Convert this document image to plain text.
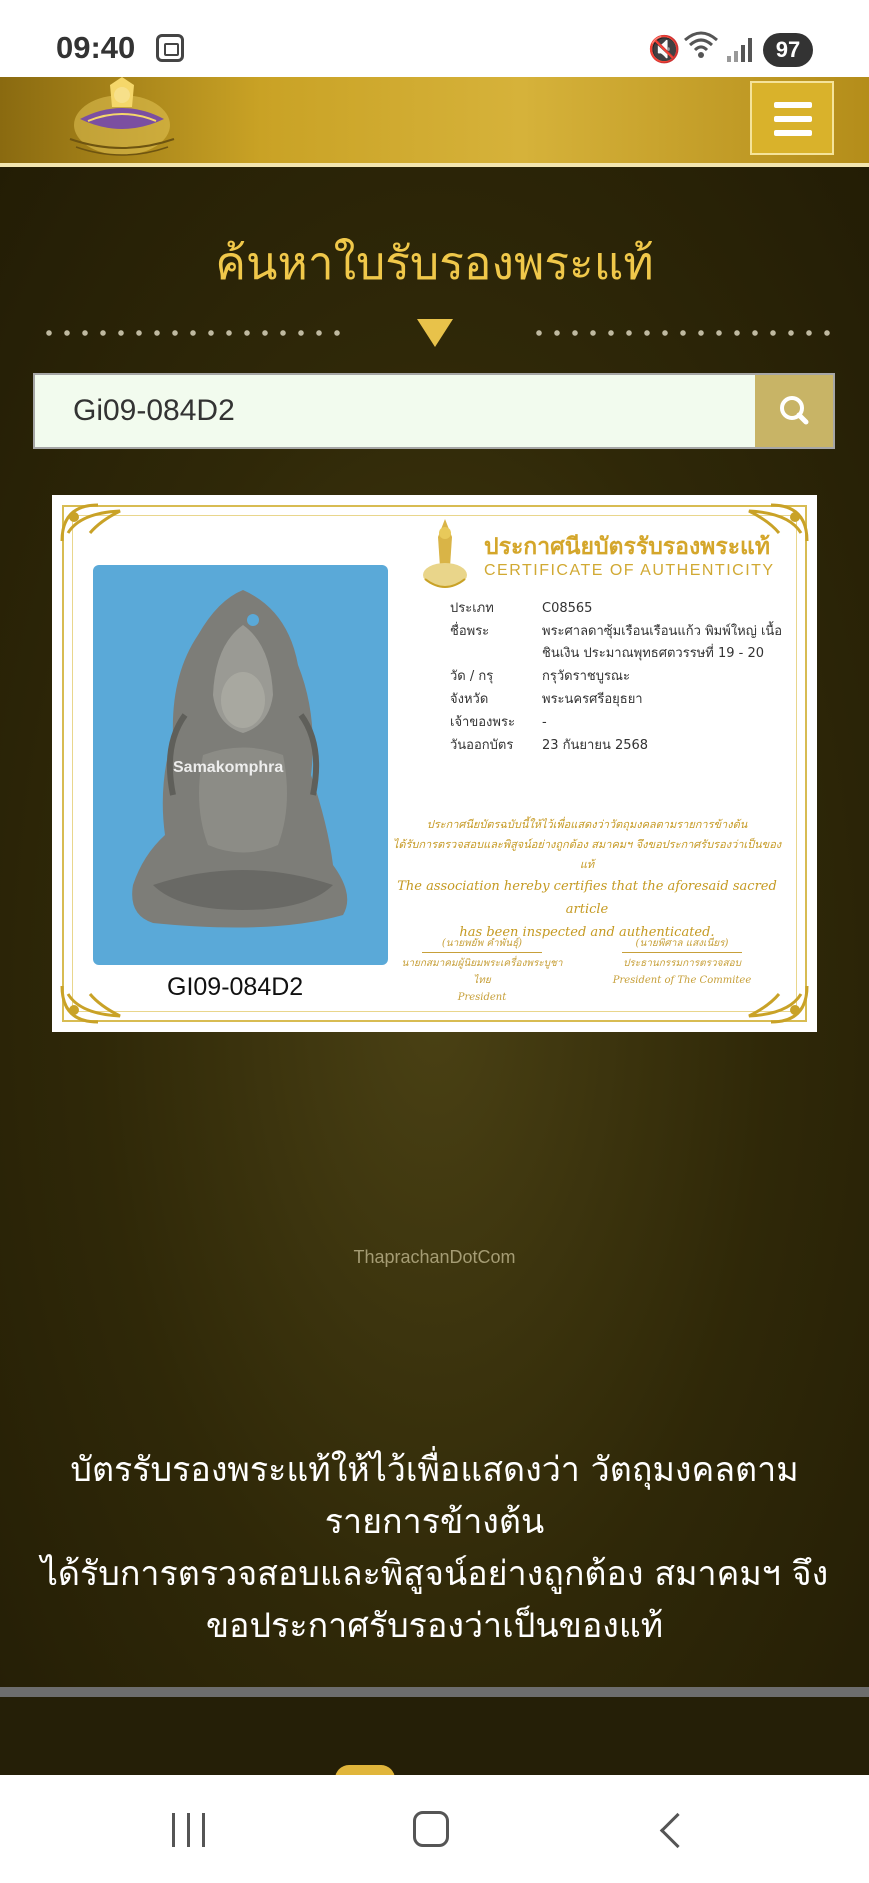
09:40	🔇	97
ค้นหาใบรับรองพระแท้
Gi09-084D2
Samakomphra
GI09-084D2
ประกาศนียบัตรรับรองพระแท้
CERTIFICATE OF AUTHENTICITY
ประเภท	C08565
ชื่อพระ	พระศาลดาซุ้มเรือนเรือนแก้ว พิมพ์ใหญ่ เนื้อชินเงิน ประมาณพุทธศตวรรษที่ 19 - 20
วัด / กรุ	กรุวัดราชบูรณะ
จังหวัด	พระนครศรีอยุธยา
เจ้าของพระ	-
วันออกบัตร	23 กันยายน 2568
ประกาศนียบัตรฉบับนี้ให้ไว้เพื่อแสดงว่าวัตถุมงคลตามรายการข้างต้น
ได้รับการตรวจสอบและพิสูจน์อย่างถูกต้อง สมาคมฯ จึงขอประกาศรับรองว่าเป็นของแท้
The association hereby certifies that the aforesaid sacred article
has been inspected and authenticated.
(นายพยัพ คำพันธุ์)
นายกสมาคมผู้นิยมพระเครื่องพระบูชาไทย
President
(นายพิศาล แสงเนียร)
ประธานกรรมการตรวจสอบ
President of The Commitee
ThaprachanDotCom
บัตรรับรองพระแท้ให้ไว้เพื่อแสดงว่า วัตถุมงคลตามรายการข้างต้น
ได้รับการตรวจสอบและพิสูจน์อย่างถูกต้อง สมาคมฯ จึงขอประกาศรับรองว่าเป็นของแท้
